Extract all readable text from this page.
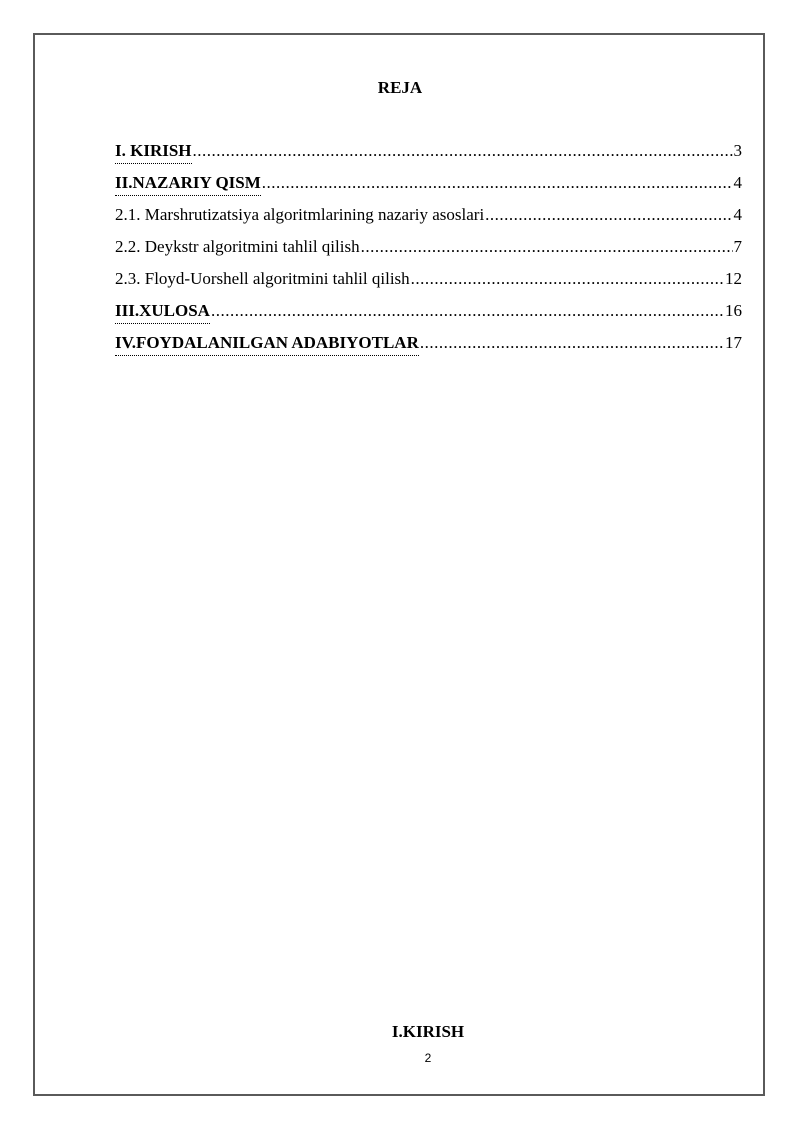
REJA
I. KIRISH .....	3
II.NAZARIY QISM .....	4
2.1. Marshrutizatsiya algoritmlarining nazariy asoslari .....	4
2.2. Deykstr algoritmini tahlil qilish .....	7
2.3. Floyd-Uorshell algoritmini tahlil qilish .....	12
III.XULOSA .....	16
IV.FOYDALANILGAN ADABIYOTLAR .....	17
I.KIRISH
2
